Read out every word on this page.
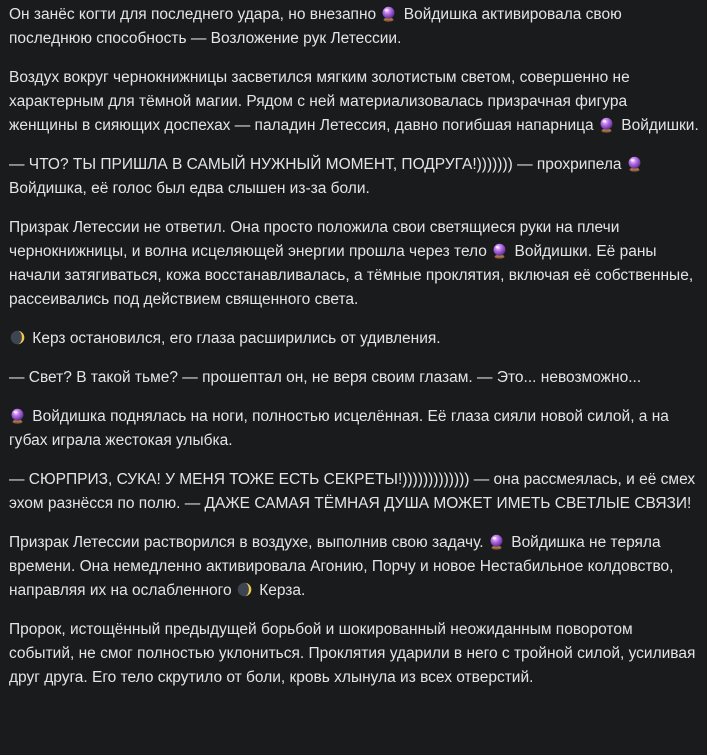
Он занёс когти для последнего удара, но внезапно  Войдишка активировала свою последнюю способность — Возложение рук Летессии.
Воздух вокруг чернокнижницы засветился мягким золотистым светом, совершенно не характерным для тёмной магии. Рядом с ней материализовалась призрачная фигура женщины в сияющих доспехах — паладин Летессия, давно погибшая напарница  Войдишки.
— ЧТО? ТЫ ПРИШЛА В САМЫЙ НУЖНЫЙ МОМЕНТ, ПОДРУГА!))))))) — прохрипела  Войдишка, её голос был едва слышен из-за боли.
Призрак Летессии не ответил. Она просто положила свои светящиеся руки на плечи чернокнижницы, и волна исцеляющей энергии прошла через тело  Войдишки. Её раны начали затягиваться, кожа восстанавливалась, а тёмные проклятия, включая её собственные, рассеивались под действием священного света.
Керз остановился, его глаза расширились от удивления.
— Свет? В такой тьме? — прошептал он, не веря своим глазам. — Это... невозможно...
Войдишка поднялась на ноги, полностью исцелённая. Её глаза сияли новой силой, а на губах играла жестокая улыбка.
— СЮРПРИЗ, СУКА! У МЕНЯ ТОЖЕ ЕСТЬ СЕКРЕТЫ!))))))))))))) — она рассмеялась, и её смех эхом разнёсся по полю. — ДАЖЕ САМАЯ ТЁМНАЯ ДУША МОЖЕТ ИМЕТЬ СВЕТЛЫЕ СВЯЗИ!
Призрак Летессии растворился в воздухе, выполнив свою задачу.  Войдишка не теряла времени. Она немедленно активировала Агонию, Порчу и новое Нестабильное колдовство, направляя их на ослабленного  Керза.
Пророк, истощённый предыдущей борьбой и шокированный неожиданным поворотом событий, не смог полностью уклониться. Проклятия ударили в него с тройной силой, усиливая друг друга. Его тело скрутило от боли, кровь хлынула из всех отверстий.
